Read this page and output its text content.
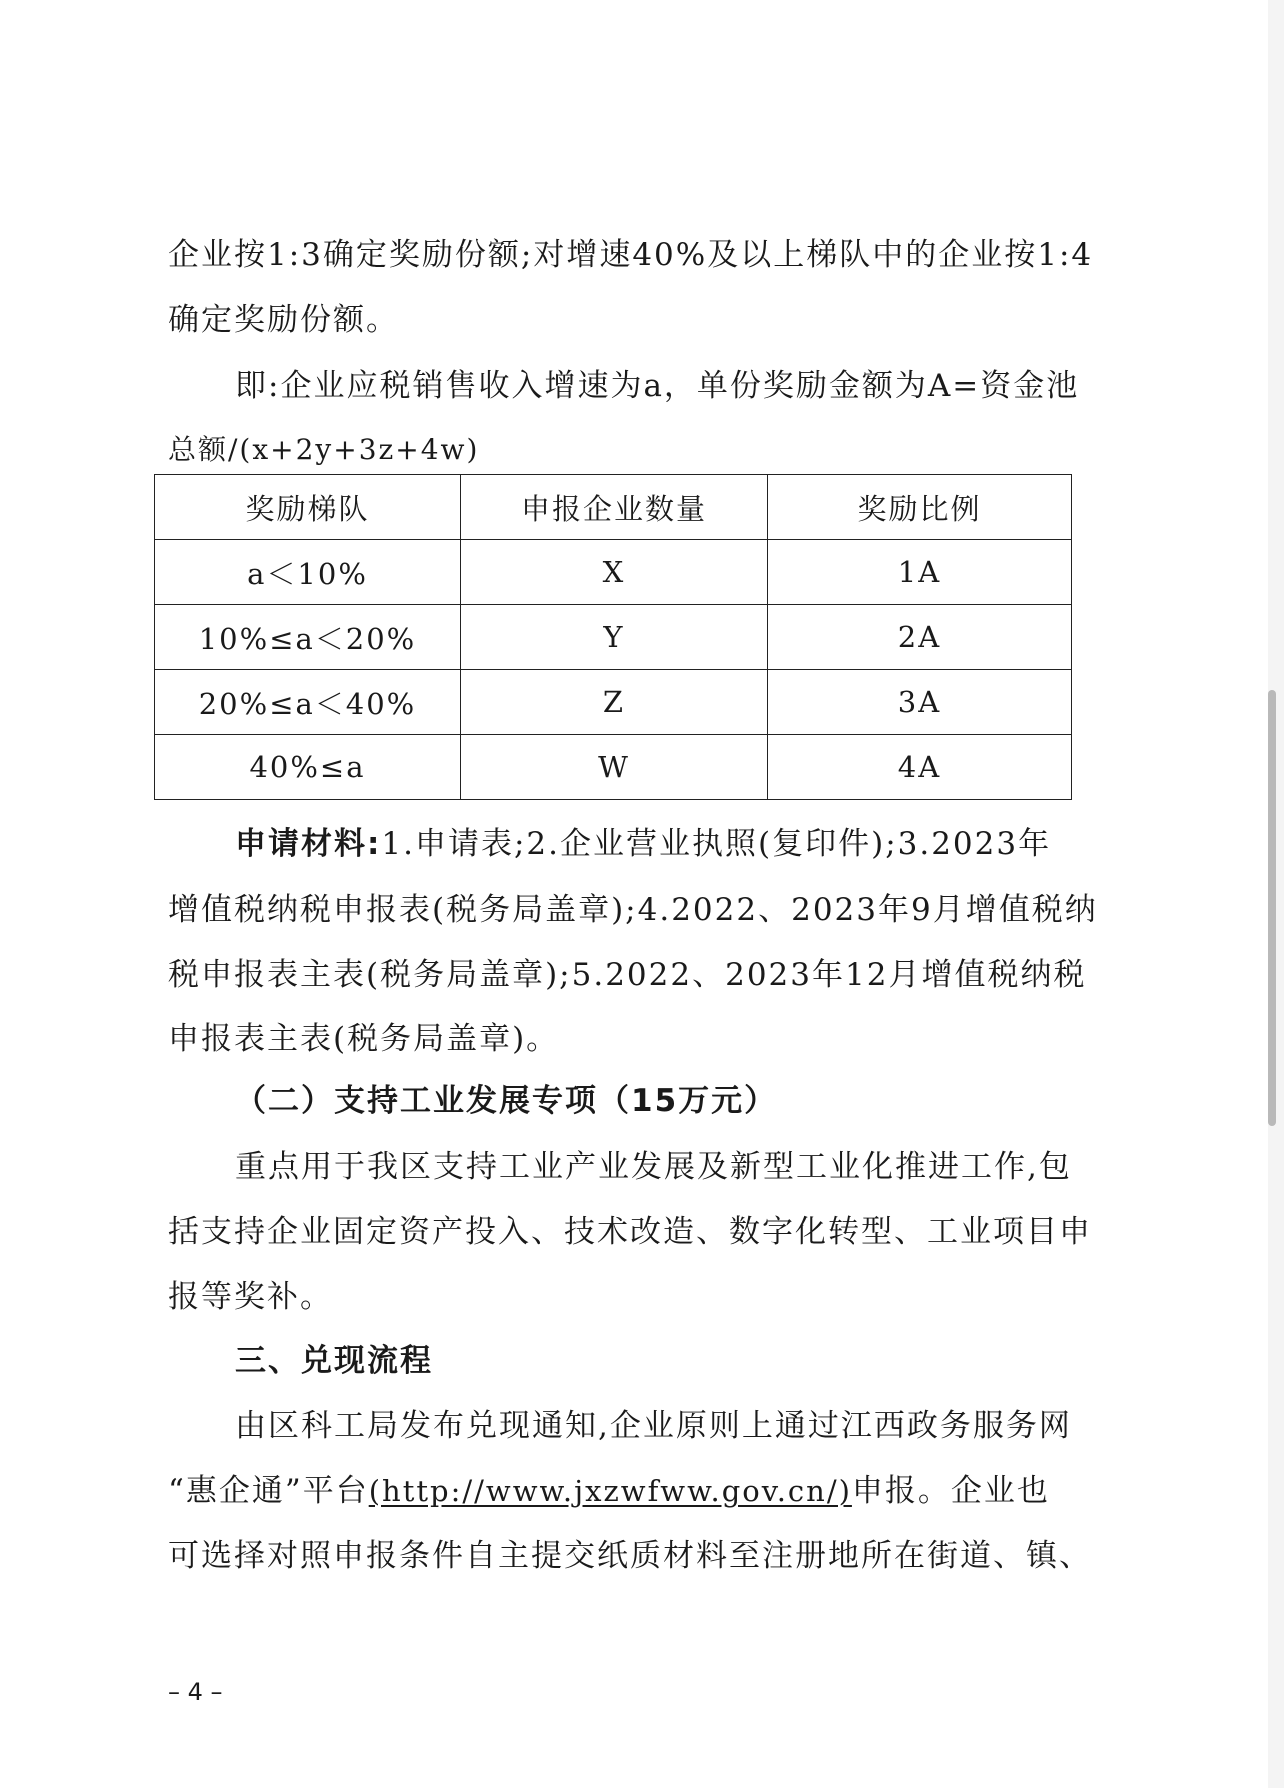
企业按1:3确定奖励份额;对增速40%及以上梯队中的企业按1:4
确定奖励份额。
即:企业应税销售收入增速为a，单份奖励金额为A=资金池
总额/(x+2y+3z+4w)
奖励梯队	申报企业数量	奖励比例
a＜10%	X	1A
10%≤a＜20%	Y	2A
20%≤a＜40%	Z	3A
40%≤a	W	4A
申请材料:1.申请表;2.企业营业执照(复印件);3.2023年
增值税纳税申报表(税务局盖章);4.2022、2023年9月增值税纳
税申报表主表(税务局盖章);5.2022、2023年12月增值税纳税
申报表主表(税务局盖章)。
（二）支持工业发展专项（15万元）
重点用于我区支持工业产业发展及新型工业化推进工作,包
括支持企业固定资产投入、技术改造、数字化转型、工业项目申
报等奖补。
三、兑现流程
由区科工局发布兑现通知,企业原则上通过江西政务服务网
“惠企通”平台(http://www.jxzwfww.gov.cn/)申报。企业也
可选择对照申报条件自主提交纸质材料至注册地所在街道、镇、
– 4 –
